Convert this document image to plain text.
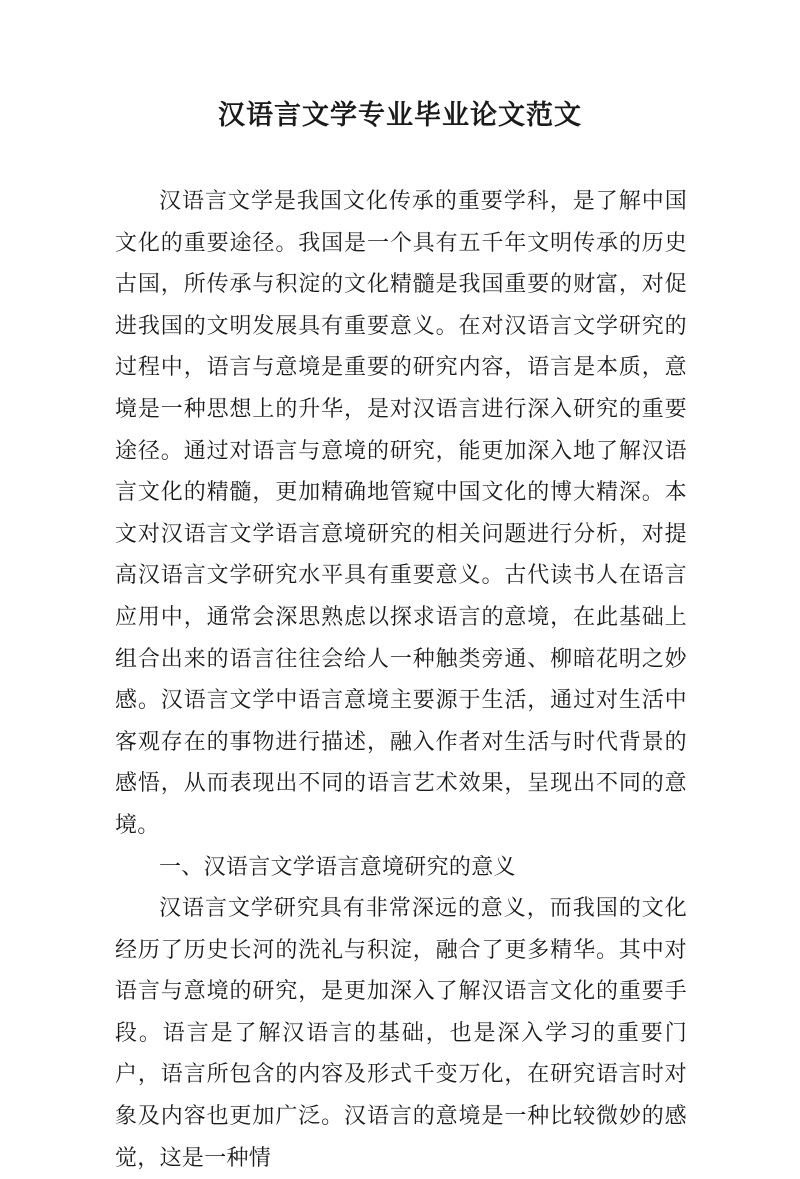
汉语言文学专业毕业论文范文

汉语言文学是我国文化传承的重要学科，是了解中国文化的重要途径。我国是一个具有五千年文明传承的历史古国，所传承与积淀的文化精髓是我国重要的财富，对促进我国的文明发展具有重要意义。在对汉语言文学研究的过程中，语言与意境是重要的研究内容，语言是本质，意境是一种思想上的升华，是对汉语言进行深入研究的重要途径。通过对语言与意境的研究，能更加深入地了解汉语言文化的精髓，更加精确地管窥中国文化的博大精深。本文对汉语言文学语言意境研究的相关问题进行分析，对提高汉语言文学研究水平具有重要意义。古代读书人在语言应用中，通常会深思熟虑以探求语言的意境，在此基础上组合出来的语言往往会给人一种触类旁通、柳暗花明之妙感。汉语言文学中语言意境主要源于生活，通过对生活中客观存在的事物进行描述，融入作者对生活与时代背景的感悟，从而表现出不同的语言艺术效果，呈现出不同的意境。

一、汉语言文学语言意境研究的意义

汉语言文学研究具有非常深远的意义，而我国的文化经历了历史长河的洗礼与积淀，融合了更多精华。其中对语言与意境的研究，是更加深入了解汉语言文化的重要手段。语言是了解汉语言的基础，也是深入学习的重要门户，语言所包含的内容及形式千变万化，在研究语言时对象及内容也更加广泛。汉语言的意境是一种比较微妙的感觉，这是一种情
